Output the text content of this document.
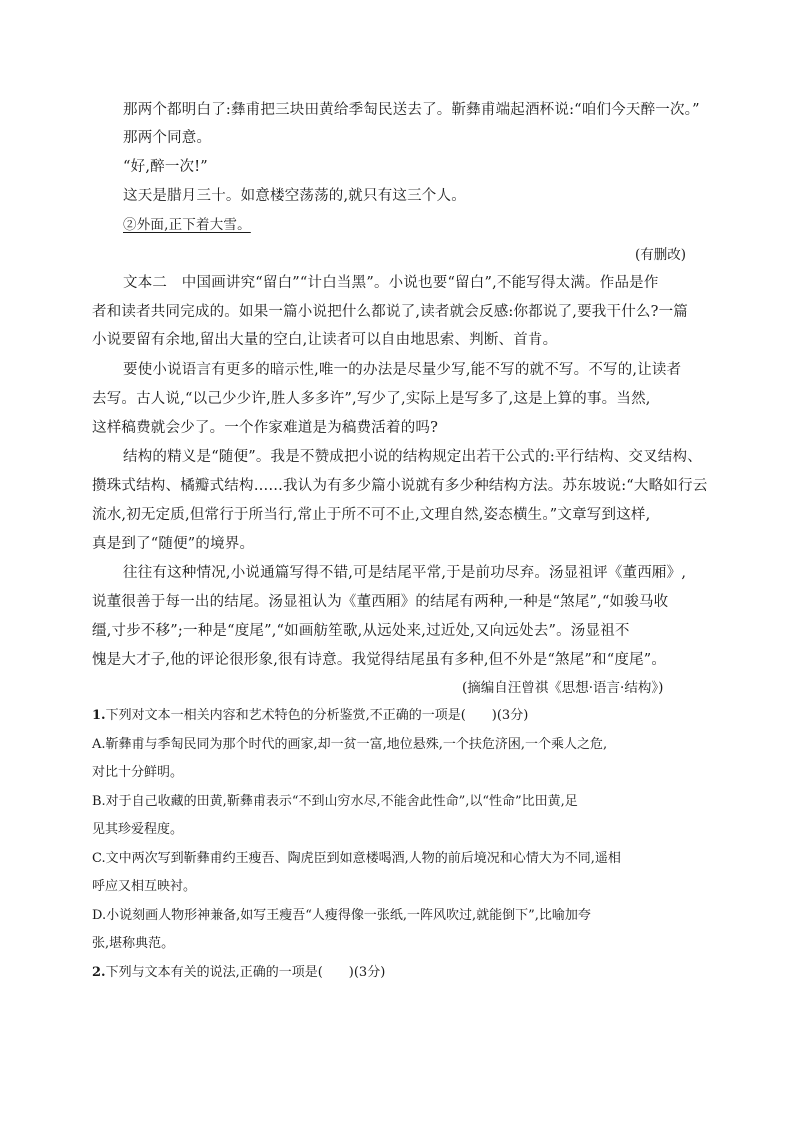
那两个都明白了:彝甫把三块田黄给季匋民送去了。靳彝甫端起酒杯说:“咱们今天醉一次。”
那两个同意。
“好,醉一次!”
这天是腊月三十。如意楼空荡荡的,就只有这三个人。
②外面,正下着大雪。
(有删改)
文本二　中国画讲究“留白”“计白当黑”。小说也要“留白”,不能写得太满。作品是作
者和读者共同完成的。如果一篇小说把什么都说了,读者就会反感:你都说了,要我干什么?一篇
小说要留有余地,留出大量的空白,让读者可以自由地思索、判断、首肯。
要使小说语言有更多的暗示性,唯一的办法是尽量少写,能不写的就不写。不写的,让读者
去写。古人说,“以己少少许,胜人多多许”,写少了,实际上是写多了,这是上算的事。当然,
这样稿费就会少了。一个作家难道是为稿费活着的吗?
结构的精义是“随便”。我是不赞成把小说的结构规定出若干公式的:平行结构、交叉结构、
攒珠式结构、橘瓣式结构……我认为有多少篇小说就有多少种结构方法。苏东坡说:“大略如行云
流水,初无定质,但常行于所当行,常止于所不可不止,文理自然,姿态横生。”文章写到这样,
真是到了“随便”的境界。
往往有这种情况,小说通篇写得不错,可是结尾平常,于是前功尽弃。汤显祖评《董西厢》,
说董很善于每一出的结尾。汤显祖认为《董西厢》的结尾有两种,一种是“煞尾”,“如骏马收
缰,寸步不移”;一种是“度尾”,“如画舫笙歌,从远处来,过近处,又向远处去”。汤显祖不
愧是大才子,他的评论很形象,很有诗意。我觉得结尾虽有多种,但不外是“煞尾”和“度尾”。
(摘编自汪曾祺《思想·语言·结构》)
1.下列对文本一相关内容和艺术特色的分析鉴赏,不正确的一项是(　　)(3分)
A.靳彝甫与季匋民同为那个时代的画家,却一贫一富,地位悬殊,一个扶危济困,一个乘人之危,
对比十分鲜明。
B.对于自己收藏的田黄,靳彝甫表示“不到山穷水尽,不能舍此性命”,以“性命”比田黄,足
见其珍爱程度。
C.文中两次写到靳彝甫约王瘦吾、陶虎臣到如意楼喝酒,人物的前后境况和心情大为不同,遥相
呼应又相互映衬。
D.小说刻画人物形神兼备,如写王瘦吾“人瘦得像一张纸,一阵风吹过,就能倒下”,比喻加夸
张,堪称典范。
2.下列与文本有关的说法,正确的一项是(　　)(3分)
